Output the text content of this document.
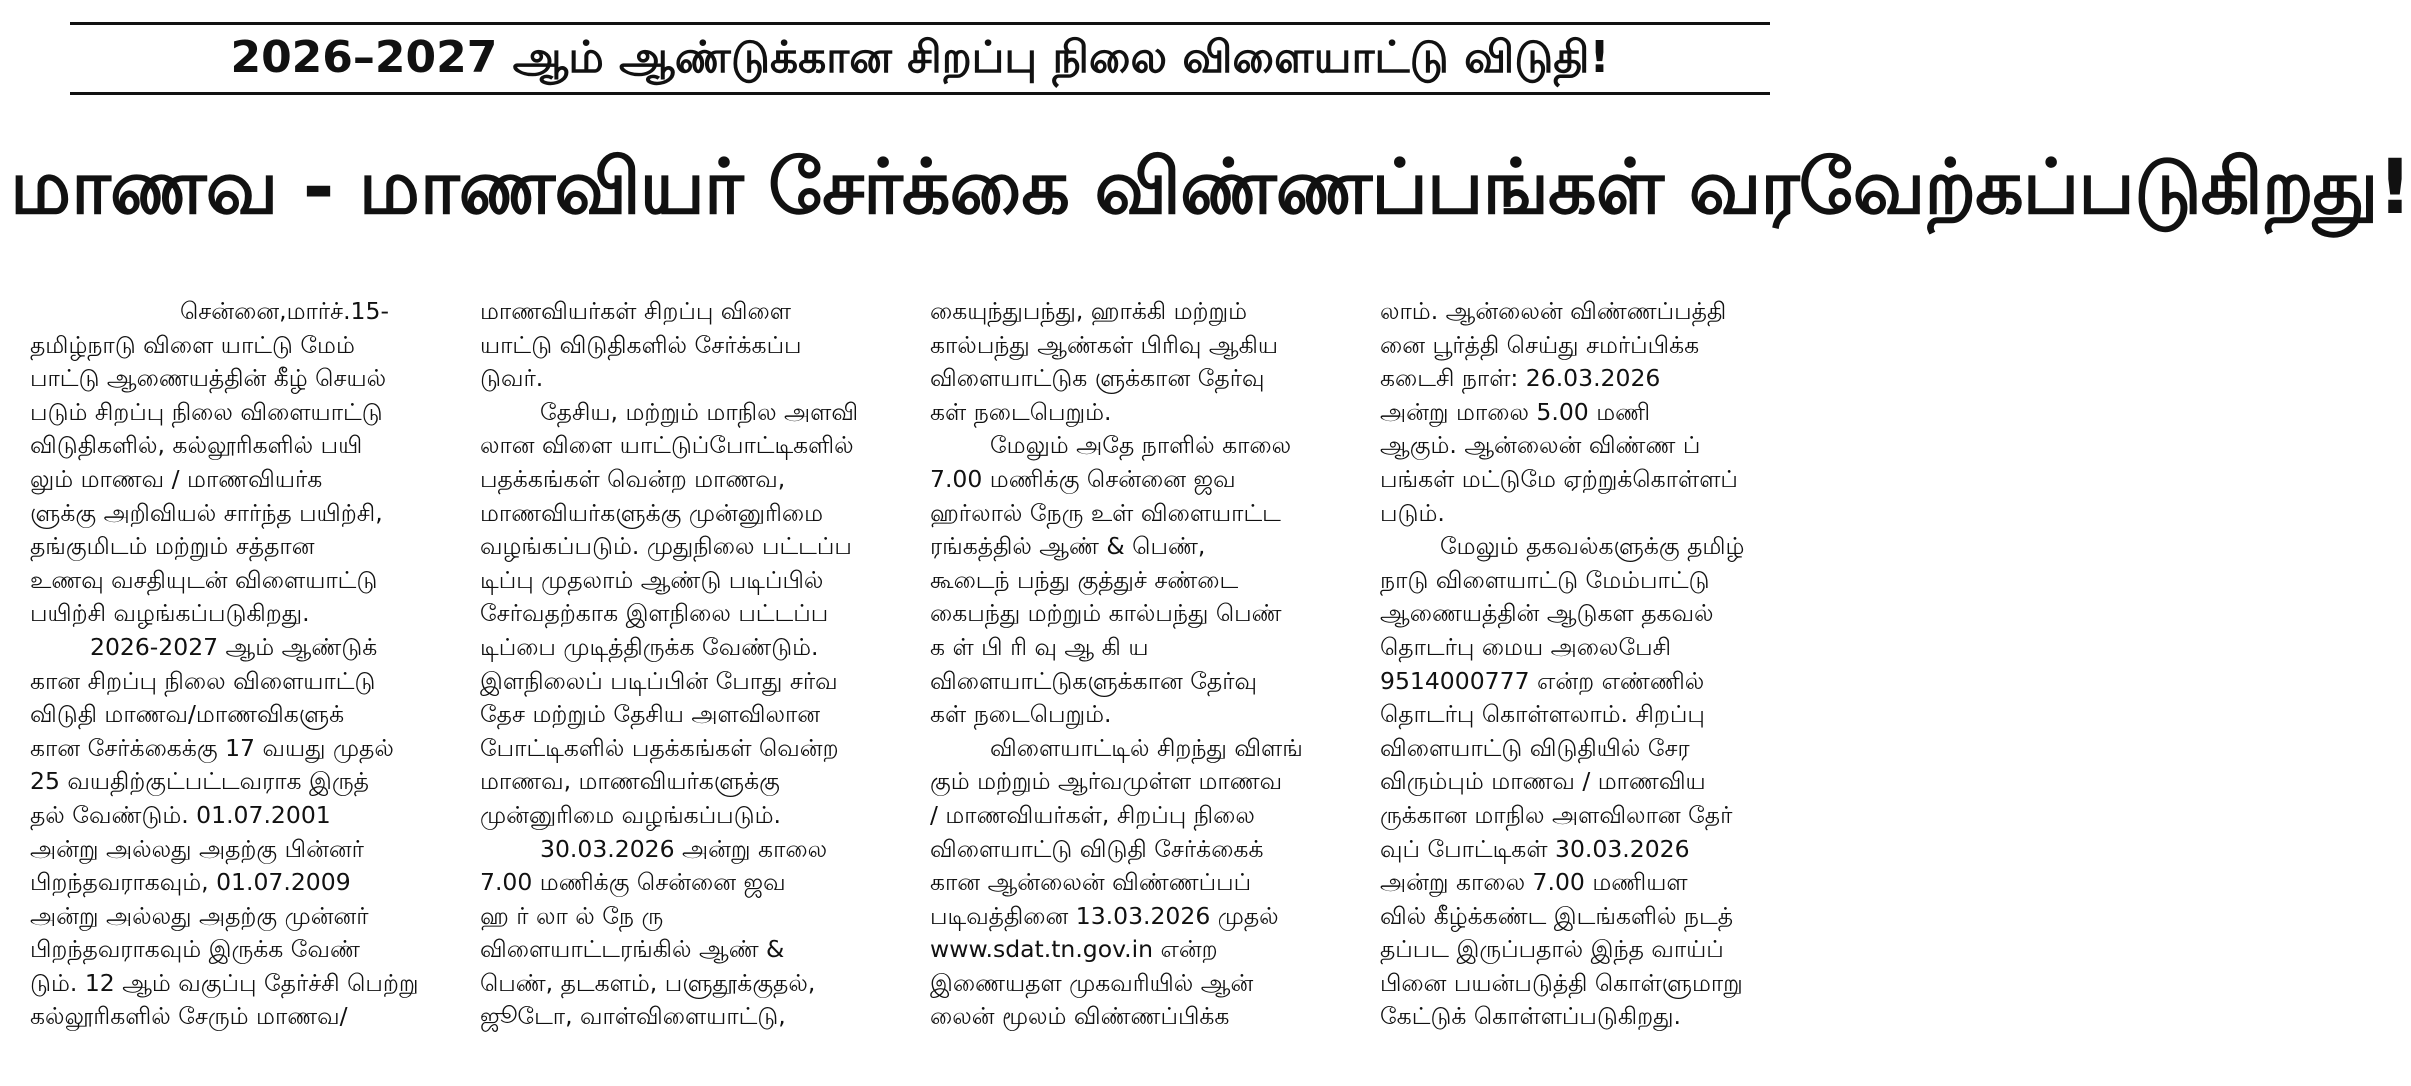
2026–2027 ஆம் ஆண்டுக்கான சிறப்பு நிலை விளையாட்டு விடுதி!
மாணவ - மாணவியர் சேர்க்கை விண்ணப்பங்கள் வரவேற்கப்படுகிறது!
சென்னை,மார்ச்.15-
தமிழ்நாடு விளை யாட்டு மேம்
பாட்டு ஆணையத்தின் கீழ் செயல்
படும் சிறப்பு நிலை விளையாட்டு
விடுதிகளில், கல்லூரிகளில் பயி
லும் மாணவ / மாணவியர்க
ளுக்கு அறிவியல் சார்ந்த பயிற்சி,
தங்குமிடம் மற்றும் சத்தான
உணவு வசதியுடன் விளையாட்டு
பயிற்சி வழங்கப்படுகிறது.
2026-2027 ஆம் ஆண்டுக்
கான சிறப்பு நிலை விளையாட்டு
விடுதி மாணவ/மாணவிகளுக்
கான சேர்க்கைக்கு 17 வயது முதல்
25 வயதிற்குட்பட்டவராக இருத்
தல் வேண்டும். 01.07.2001
அன்று அல்லது அதற்கு பின்னர்
பிறந்தவராகவும், 01.07.2009
அன்று அல்லது அதற்கு முன்னர்
பிறந்தவராகவும் இருக்க வேண்
டும். 12 ஆம் வகுப்பு தேர்ச்சி பெற்று
கல்லூரிகளில் சேரும் மாணவ/
மாணவியர்கள் சிறப்பு விளை
யாட்டு விடுதிகளில் சேர்க்கப்ப
டுவர்.
தேசிய, மற்றும் மாநில அளவி
லான விளை யாட்டுப்போட்டிகளில்
பதக்கங்கள் வென்ற மாணவ,
மாணவியர்களுக்கு முன்னுரிமை
வழங்கப்படும். முதுநிலை பட்டப்ப
டிப்பு முதலாம் ஆண்டு படிப்பில்
சேர்வதற்காக இளநிலை பட்டப்ப
டிப்பை முடித்திருக்க வேண்டும்.
இளநிலைப் படிப்பின் போது சர்வ
தேச மற்றும் தேசிய அளவிலான
போட்டிகளில் பதக்கங்கள் வென்ற
மாணவ, மாணவியர்களுக்கு
முன்னுரிமை வழங்கப்படும்.
30.03.2026 அன்று காலை
7.00 மணிக்கு சென்னை ஜவ
ஹ ர் லா ல் நே ரு
விளையாட்டரங்கில் ஆண் &
பெண், தடகளம், பளுதூக்குதல்,
ஜூடோ, வாள்விளையாட்டு,
கையுந்துபந்து, ஹாக்கி மற்றும்
கால்பந்து ஆண்கள் பிரிவு ஆகிய
விளையாட்டுக ளுக்கான தேர்வு
கள் நடைபெறும்.
மேலும் அதே நாளில் காலை
7.00 மணிக்கு சென்னை ஜவ
ஹர்லால் நேரு உள் விளையாட்ட
ரங்கத்தில் ஆண் & பெண்,
கூடைந் பந்து குத்துச் சண்டை
கைபந்து மற்றும் கால்பந்து பெண்
க ள் பி ரி வு ஆ கி ய
விளையாட்டுகளுக்கான தேர்வு
கள் நடைபெறும்.
விளையாட்டில் சிறந்து விளங்
கும் மற்றும் ஆர்வமுள்ள மாணவ
/ மாணவியர்கள், சிறப்பு நிலை
விளையாட்டு விடுதி சேர்க்கைக்
கான ஆன்லைன் விண்ணப்பப்
படிவத்தினை 13.03.2026 முதல்
www.sdat.tn.gov.in என்ற
இணையதள முகவரியில் ஆன்
லைன் மூலம் விண்ணப்பிக்க
லாம். ஆன்லைன் விண்ணப்பத்தி
னை பூர்த்தி செய்து சமர்ப்பிக்க
கடைசி நாள்: 26.03.2026
அன்று மாலை 5.00 மணி
ஆகும். ஆன்லைன் விண்ண ப்
பங்கள் மட்டுமே ஏற்றுக்கொள்ளப்
படும்.
மேலும் தகவல்களுக்கு தமிழ்
நாடு விளையாட்டு மேம்பாட்டு
ஆணையத்தின் ஆடுகள தகவல்
தொடர்பு மைய அலைபேசி
9514000777 என்ற எண்ணில்
தொடர்பு கொள்ளலாம். சிறப்பு
விளையாட்டு விடுதியில் சேர
விரும்பும் மாணவ / மாணவிய
ருக்கான மாநில அளவிலான தேர்
வுப் போட்டிகள் 30.03.2026
அன்று காலை 7.00 மணியள
வில் கீழ்க்கண்ட இடங்களில் நடத்
தப்பட இருப்பதால் இந்த வாய்ப்
பினை பயன்படுத்தி கொள்ளுமாறு
கேட்டுக் கொள்ளப்படுகிறது.
